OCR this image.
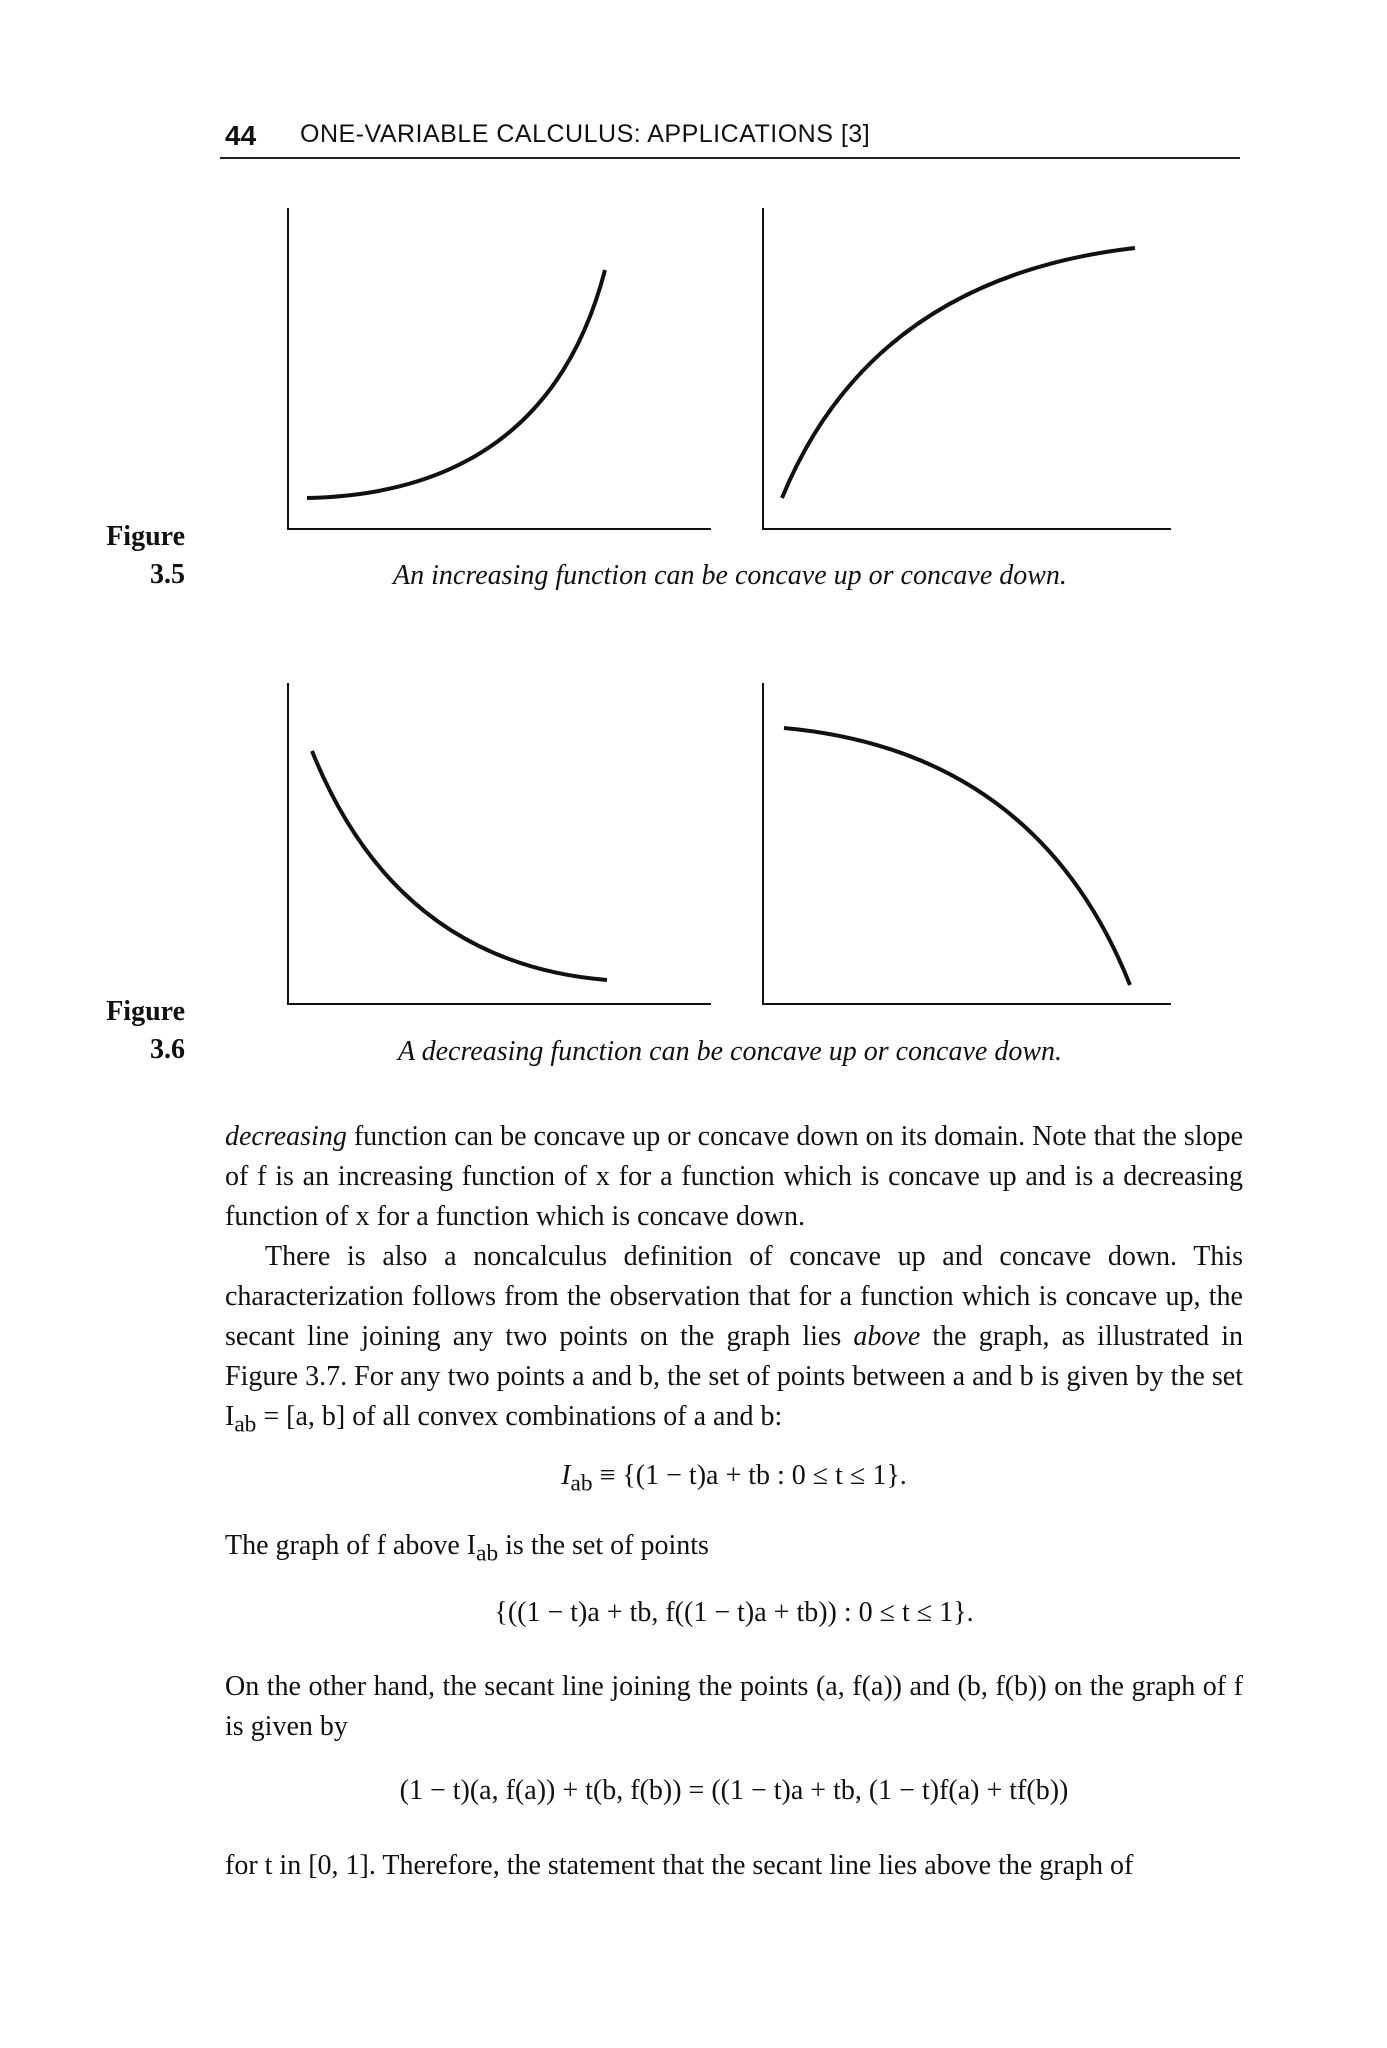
44 ONE-VARIABLE CALCULUS: APPLICATIONS [3]
Figure
3.5	An increasing function can be concave up or concave down.
Figure
3.6	A decreasing function can be concave up or concave down.

decreasing function can be concave up or concave down on its domain. Note that the slope of f is an increasing function of x for a function which is concave up and is a decreasing function of x for a function which is concave down.

There is also a noncalculus definition of concave up and concave down. This characterization follows from the observation that for a function which is concave up, the secant line joining any two points on the graph lies above the graph, as illustrated in Figure 3.7. For any two points a and b, the set of points between a and b is given by the set $I_{ab} = [a$, b] of all convex combinations of a and b:

$I_{ab} \equiv \{(1 - t)a$ + tb : 0 ≤ t ≤ 1}.

The graph of f above $I_{ab}$ is the set of points

{((1 − t)a + tb, f((1 − t)a + tb)) : 0 ≤ t ≤ 1}.
On the other hand, the secant line joining the points (a, f(a)) and (b, f(b)) on the graph of f is given by
(1 − t)(a, f(a)) + t(b, f(b)) = ((1 − t)a + tb, (1 − t)f(a) + tf(b))
for t in [0, 1]. Therefore, the statement that the secant line lies above the graph of
